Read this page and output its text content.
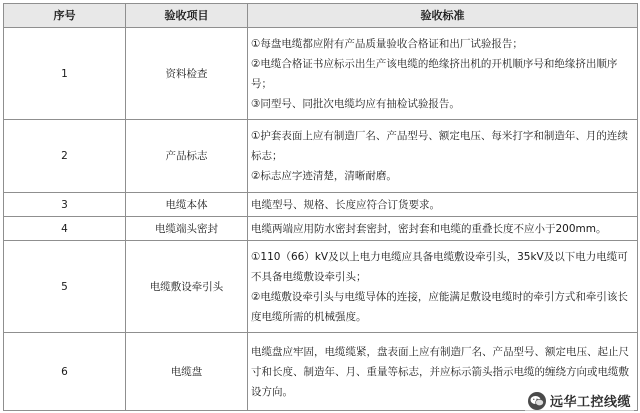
序号	验收项目	验收标准
1	资料检查	①每盘电缆都应附有产品质量验收合格证和出厂试验报告；
②电缆合格证书应标示出生产该电缆的绝缘挤出机的开机顺序号和绝缘挤出顺序号；
③同型号、同批次电缆均应有抽检试验报告。

2	产品标志	①护套表面上应有制造厂名、产品型号、额定电压、每米打字和制造年、月的连续标志；
②标志应字迹清楚，清晰耐磨。

3	电缆本体	电缆型号、规格、长度应符合订货要求。

4	电缆端头密封	电缆两端应用防水密封套密封，密封套和电缆的重叠长度不应小于200mm。

5	电缆敷设牵引头	①110（66）kV及以上电力电缆应具备电缆敷设牵引头，35kV及以下电力电缆可不具备电缆敷设牵引头；
②电缆敷设牵引头与电缆导体的连接，应能满足敷设电缆时的牵引方式和牵引该长度电缆所需的机械强度。

6	电缆盘	电缆盘应牢固，电缆缆紧，盘表面上应有制造厂名、产品型号、额定电压、起止尺寸和长度、制造年、月、重量等标志，并应标示箭头指示电缆的缠绕方向或电缆敷设方向。
远华工控线缆
